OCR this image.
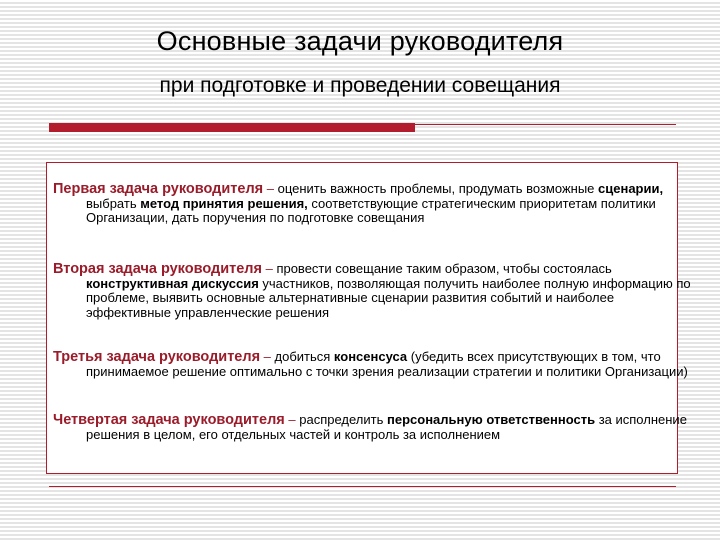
Основные задачи руководителя
при подготовке и проведении совещания
Первая задача руководителя – оценить важность проблемы, продумать возможные сценарии, выбрать метод принятия решения, соответствующие стратегическим приоритетам политики Организации, дать поручения по подготовке совещания
Вторая задача руководителя – провести совещание таким образом, чтобы состоялась конструктивная дискуссия участников, позволяющая получить наиболее полную информацию по проблеме, выявить основные альтернативные сценарии развития событий и наиболее эффективные управленческие решения
Третья задача руководителя – добиться консенсуса (убедить всех присутствующих в том, что принимаемое решение оптимально с точки зрения реализации стратегии и политики Организации)
Четвертая задача руководителя – распределить персональную ответственность за исполнение решения в целом, его отдельных частей и контроль за исполнением
